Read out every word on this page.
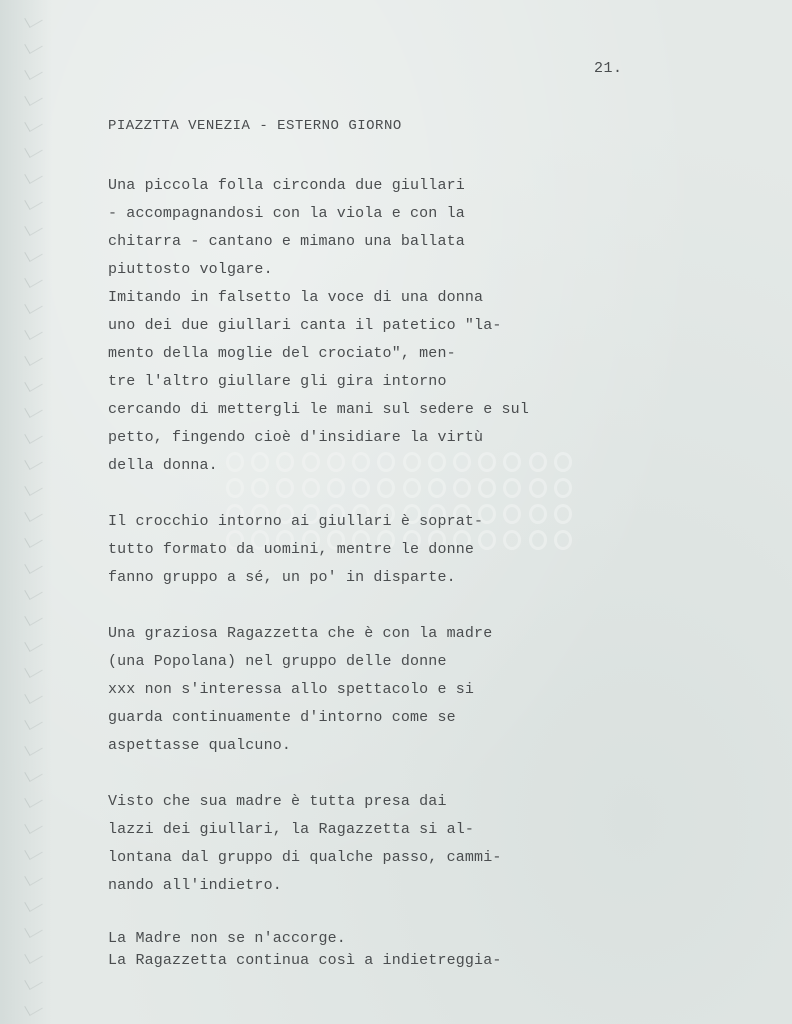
21.
PIAZZTTA VENEZIA - ESTERNO GIORNO
Una piccola folla circonda due giullari
- accompagnandosi con la viola e con la
chitarra - cantano e mimano una ballata
piuttosto volgare.
Imitando in falsetto la voce di una donna
uno dei due giullari canta il patetico "la-
mento della moglie del crociato", men-
tre l'altro giullare gli gira intorno
cercando di mettergli le mani sul sedere e sul
petto, fingendo cioè d'insidiare la virtù
della donna.
Il crocchio intorno ai giullari è soprat-
tutto formato da uomini, mentre le donne
fanno gruppo a sé, un po' in disparte.
Una graziosa Ragazzetta che è con la madre
(una Popolana) nel gruppo delle donne
xxx non s'interessa allo spettacolo e si
guarda continuamente d'intorno come se
aspettasse qualcuno.
Visto che sua madre è tutta presa dai
lazzi dei giullari, la Ragazzetta si al-
lontana dal gruppo di qualche passo, cammi-
nando all'indietro.
La Madre non se n'accorge.
La Ragazzetta continua così a indietreggia-
